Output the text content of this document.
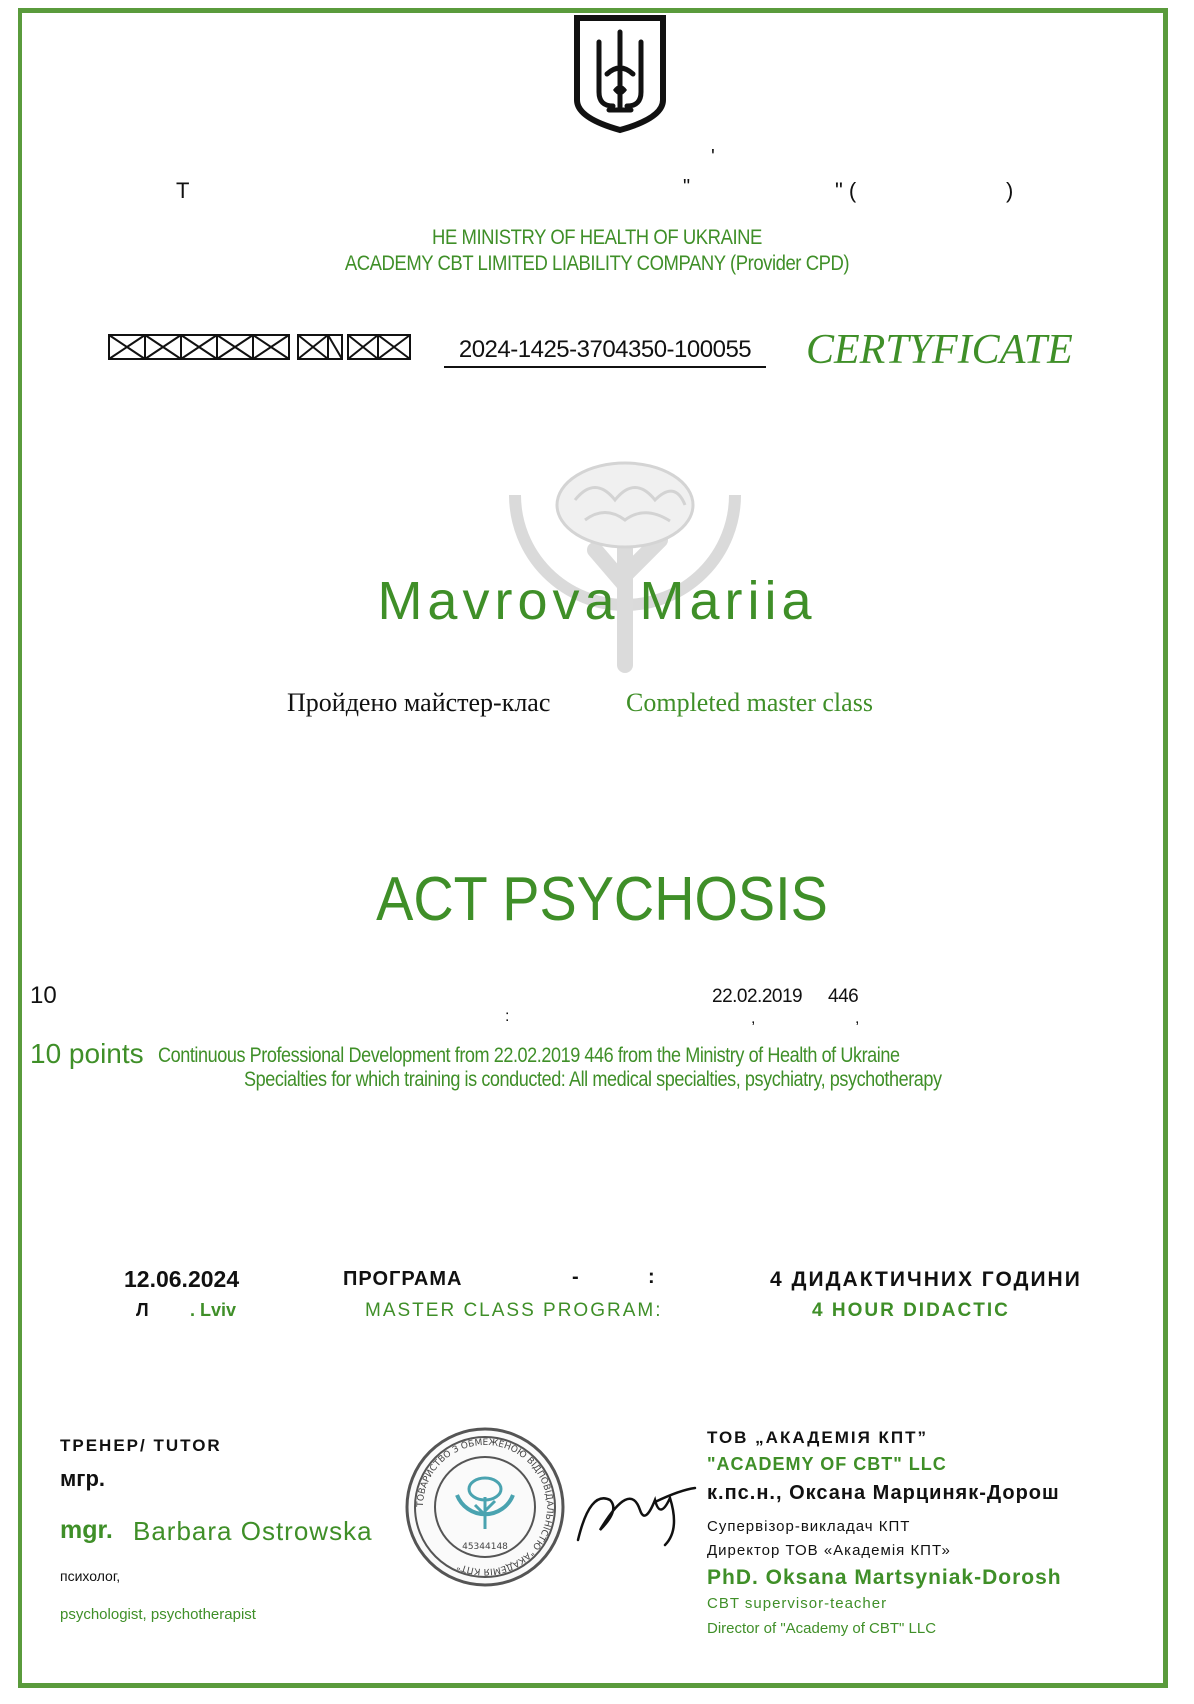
'
Т	"	" (	)
HE MINISTRY OF HEALTH OF UKRAINE
ACADEMY CBT LIMITED LIABILITY COMPANY (Provider CPD)
2024-1425-3704350-100055	CERTYFICATE
Mavrova Mariia
Пройдено майстер-клас	Completed master class
ACT PSYCHOSIS
10	22.02.2019 446
:	,	,
10 points Continuous Professional Development from 22.02.2019 446 from the Ministry of Health of Ukraine
Specialties for which training is conducted: All medical specialties, psychiatry, psychotherapy
12.06.2024
Л . Lviv
ПРОГРАМА	-	:
MASTER CLASS PROGRAM:
4 ДИДАКТИЧНИХ ГОДИНИ
4 HOUR DIDACTIC
ТРЕНЕР/ TUTOR
мгр.
mgr. Barbara Ostrowska
психолог,
psychologist, psychotherapist
ТОВАРИСТВО З ОБМЕЖЕНОЮ ВІДПОВІДАЛЬНІСТЮ "АКАДЕМІЯ КПТ"
45344148
ТОВ „АКАДЕМІЯ КПТ”
"ACADEMY OF CBT" LLC
к.пс.н., Оксана Марциняк-Дорош
Супервізор-викладач КПТ
Директор ТОВ «Академія КПТ»
PhD. Oksana Martsyniak-Dorosh
CBT supervisor-teacher
Director of "Academy of CBT" LLC
